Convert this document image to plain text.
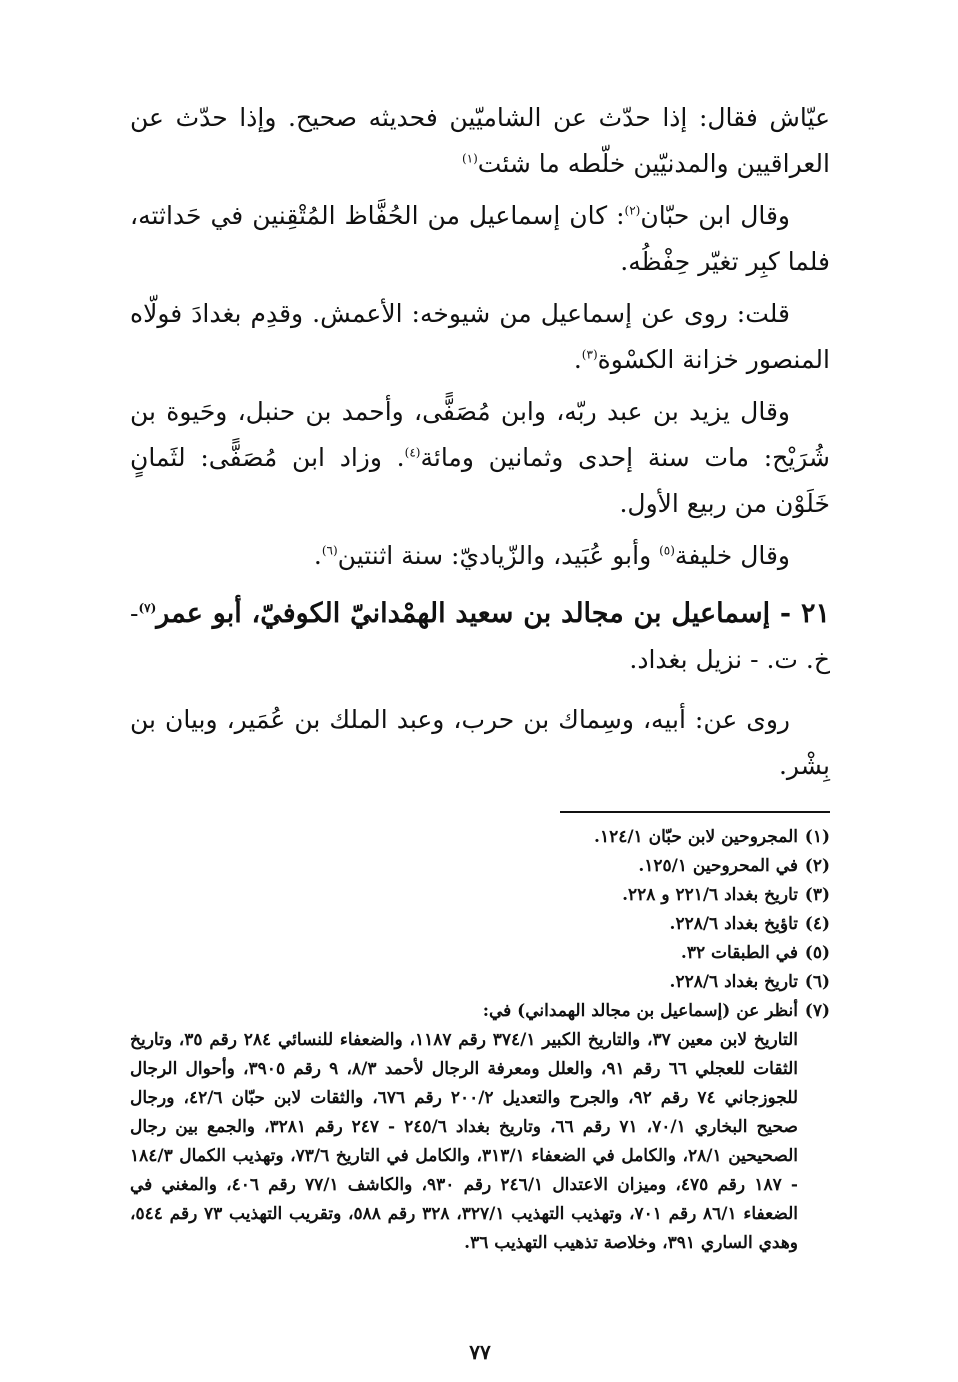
عيّاش فقال: إذا حدّث عن الشاميّين فحديثه صحيح. وإذا حدّث عن العراقيين والمدنيّين خلّطه ما شئت$^{(١)}$

وقال ابن حبّان$^{(٢)}$: كان إسماعيل من الحُفَّاظ المُتْقِنين في حَداثته، فلما كبِر تغيّر حِفْظُه.

قلت: روى عن إسماعيل من شيوخه: الأعمش. وقدِم بغدادَ فولّاه المنصور خزانة الكسْوة$^{(٣)}$.

وقال يزيد بن عبد ربّه، وابن مُصَفًّى، وأحمد بن حنبل، وحَيوة بن شُرَيْح: مات سنة إحدى وثمانين ومائة$^{(٤)}$. وزاد ابن مُصَفًّى: لثَمانٍ خَلَوْن من ربيع الأول.

وقال خليفة$^{(٥)}$ وأبو عُبَيد، والزّياديّ: سنة اثنتين$^{(٦)}$.

٢١ - إسماعيل بن مجالد بن سعيد الهمْدانيّ الكوفيّ، أبو عمر$^{(٧)}$- خ. ت. - نزيل بغداد.

روى عن: أبيه، وسِماك بن حرب، وعبد الملك بن عُمَير، وبيان بن بِشْر.

(١)
المجروحين لابن حبّان ١٢٤/١.
(٢)
في المحروحين ١٢٥/١.
(٣)
تاريخ بغداد ٢٢١/٦ و ٢٢٨.
(٤)
تاؤيخ بغداد ٢٢٨/٦.
(٥)
في الطبقات ٣٢.
(٦)
تاريخ بغداد ٢٢٨/٦.
(٧)
أنظر عن (إسماعيل بن مجالد الهمداني) في:
التاريخ لابن معين ٣٧، والتاريخ الكبير ٣٧٤/١ رقم ١١٨٧، والضعفاء للنسائي ٢٨٤ رقم ٣٥، وتاريخ الثقات للعجلي ٦٦ رقم ٩١، والعلل ومعرفة الرجال لأحمد ٨/٣، ٩ رقم ٣٩٠٥، وأحوال الرجال للجوزجاني ٧٤ رقم ٩٢، والجرح والتعديل ٢٠٠/٢ رقم ٦٧٦، والثقات لابن حبّان ٤٢/٦، ورجال صحيح البخاري ٧٠/١، ٧١ رقم ٦٦، وتاريخ بغداد ٢٤٥/٦ - ٢٤٧ رقم ٣٢٨١، والجمع بين رجال الصحيحين ٢٨/١، والكامل في الضعفاء ٣١٣/١، والكامل في التاريخ ٧٣/٦، وتهذيب الكمال ١٨٤/٣ - ١٨٧ رقم ٤٧٥، وميزان الاعتدال ٢٤٦/١ رقم ٩٣٠، والكاشف ٧٧/١ رقم ٤٠٦، والمغني في الضعفاء ٨٦/١ رقم ٧٠١، وتهذيب التهذيب ٣٢٧/١، ٣٢٨ رقم ٥٨٨، وتقريب التهذيب ٧٣ رقم ٥٤٤، وهدي الساري ٣٩١، وخلاصة تذهيب التهذيب ٣٦.
٧٧
